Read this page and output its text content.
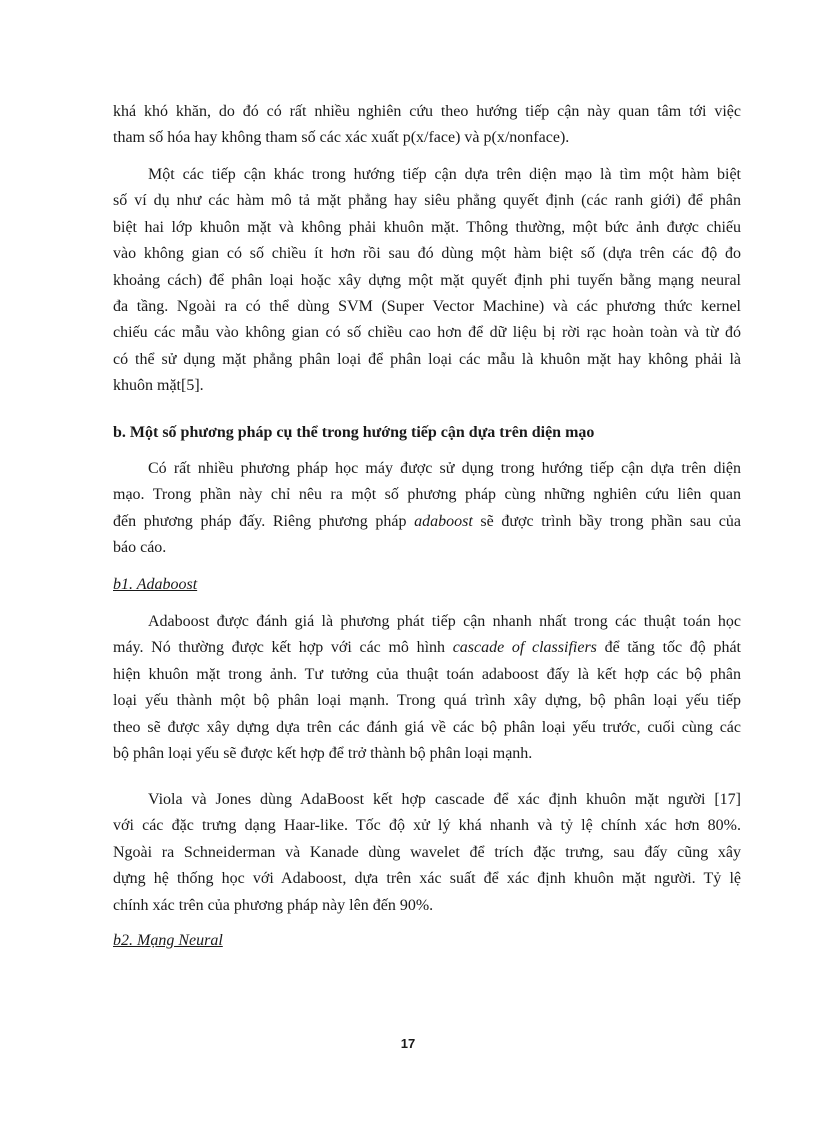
khá khó khăn, do đó có rất nhiều nghiên cứu theo hướng tiếp cận này quan tâm tới việc
tham số hóa hay không tham số các xác xuất p(x/face) và p(x/nonface).

Một các tiếp cận khác trong hướng tiếp cận dựa trên diện mạo là tìm một hàm biệt
số ví dụ như các hàm mô tả mặt phẳng hay siêu phẳng quyết định (các ranh giới) để phân
biệt hai lớp khuôn mặt và không phải khuôn mặt. Thông thường, một bức ảnh được chiếu
vào không gian có số chiều ít hơn rồi sau đó dùng một hàm biệt số (dựa trên các độ đo
khoảng cách) để phân loại hoặc xây dựng một mặt quyết định phi tuyến bằng mạng neural
đa tầng. Ngoài ra có thể dùng SVM (Super Vector Machine) và các phương thức kernel
chiếu các mẫu vào không gian có số chiều cao hơn để dữ liệu bị rời rạc hoàn toàn và từ đó
có thể sử dụng mặt phẳng phân loại để phân loại các mẫu là khuôn mặt hay không phải là
khuôn mặt[5].

b. Một số phương pháp cụ thể trong hướng tiếp cận dựa trên diện mạo

Có rất nhiều phương pháp học máy được sử dụng trong hướng tiếp cận dựa trên diện
mạo. Trong phần này chỉ nêu ra một số phương pháp cùng những nghiên cứu liên quan
đến phương pháp đấy. Riêng phương pháp adaboost sẽ được trình bầy trong phần sau của
báo cáo.

b1. Adaboost

Adaboost được đánh giá là phương phát tiếp cận nhanh nhất trong các thuật toán học
máy. Nó thường được kết hợp với các mô hình cascade of classifiers để tăng tốc độ phát
hiện khuôn mặt trong ảnh. Tư tưởng của thuật toán adaboost đấy là kết hợp các bộ phân
loại yếu thành một bộ phân loại mạnh. Trong quá trình xây dựng, bộ phân loại yếu tiếp
theo sẽ được xây dựng dựa trên các đánh giá về các bộ phân loại yếu trước, cuối cùng các
bộ phân loại yếu sẽ được kết hợp để trở thành bộ phân loại mạnh.

Viola và Jones dùng AdaBoost kết hợp cascade để xác định khuôn mặt người [17]
với các đặc trưng dạng Haar-like. Tốc độ xử lý khá nhanh và tỷ lệ chính xác hơn 80%.
Ngoài ra Schneiderman và Kanade dùng wavelet để trích đặc trưng, sau đấy cũng xây
dựng hệ thống học với Adaboost, dựa trên xác suất để xác định khuôn mặt người. Tỷ lệ
chính xác trên của phương pháp này lên đến 90%.

b2. Mạng Neural

17
